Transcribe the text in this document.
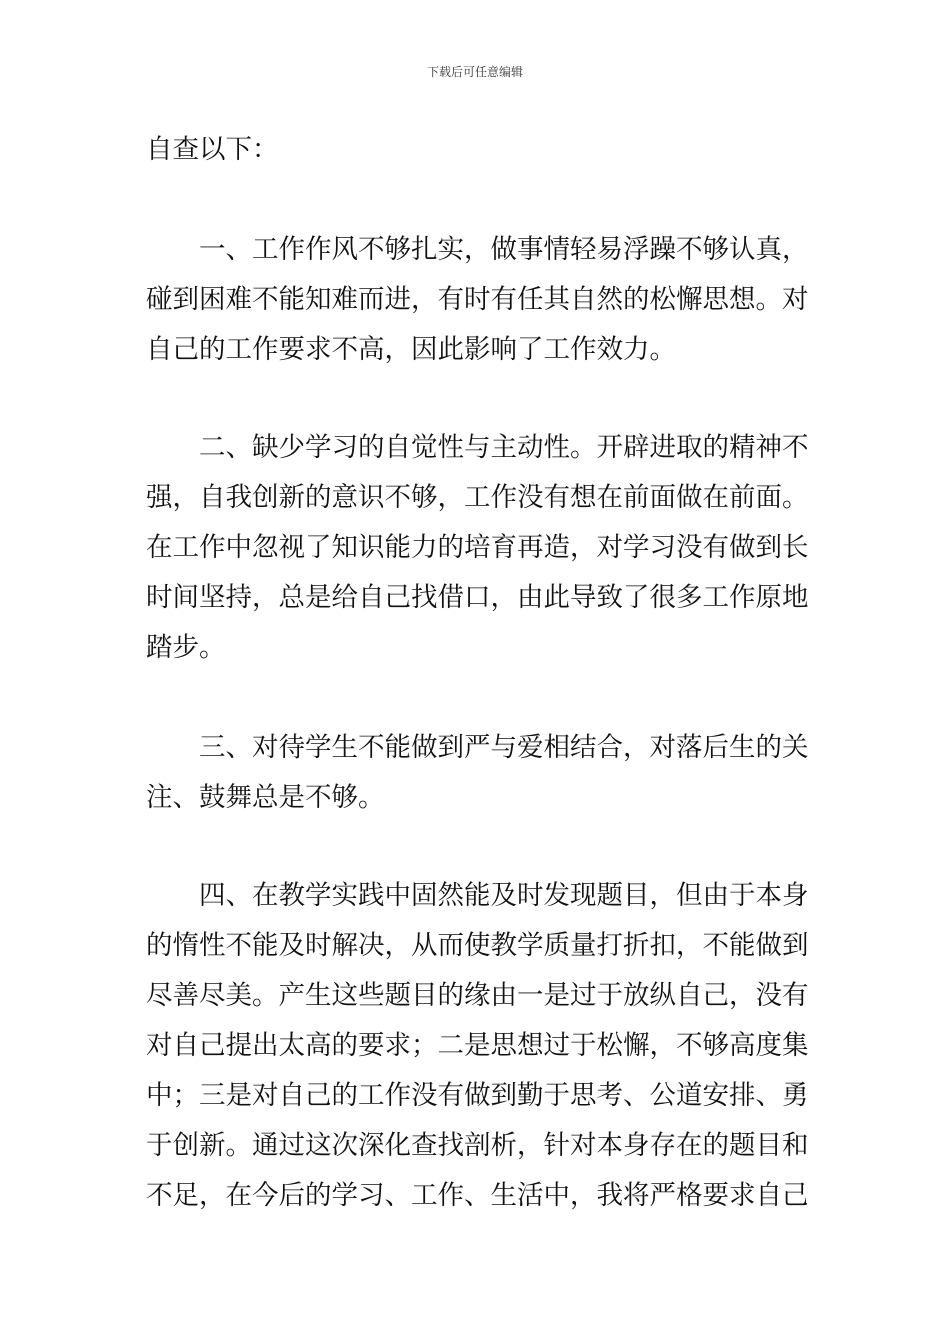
下载后可任意编辑
自查以下：
一、工作作风不够扎实，做事情轻易浮躁不够认真，
碰到困难不能知难而进，有时有任其自然的松懈思想。对
自己的工作要求不高，因此影响了工作效力。
二、缺少学习的自觉性与主动性。开辟进取的精神不
强，自我创新的意识不够，工作没有想在前面做在前面。
在工作中忽视了知识能力的培育再造，对学习没有做到长
时间坚持，总是给自己找借口，由此导致了很多工作原地
踏步。
三、对待学生不能做到严与爱相结合，对落后生的关
注、鼓舞总是不够。
四、在教学实践中固然能及时发现题目，但由于本身
的惰性不能及时解决，从而使教学质量打折扣，不能做到
尽善尽美。产生这些题目的缘由一是过于放纵自己，没有
对自己提出太高的要求；二是思想过于松懈，不够高度集
中；三是对自己的工作没有做到勤于思考、公道安排、勇
于创新。通过这次深化查找剖析，针对本身存在的题目和
不足，在今后的学习、工作、生活中，我将严格要求自己
